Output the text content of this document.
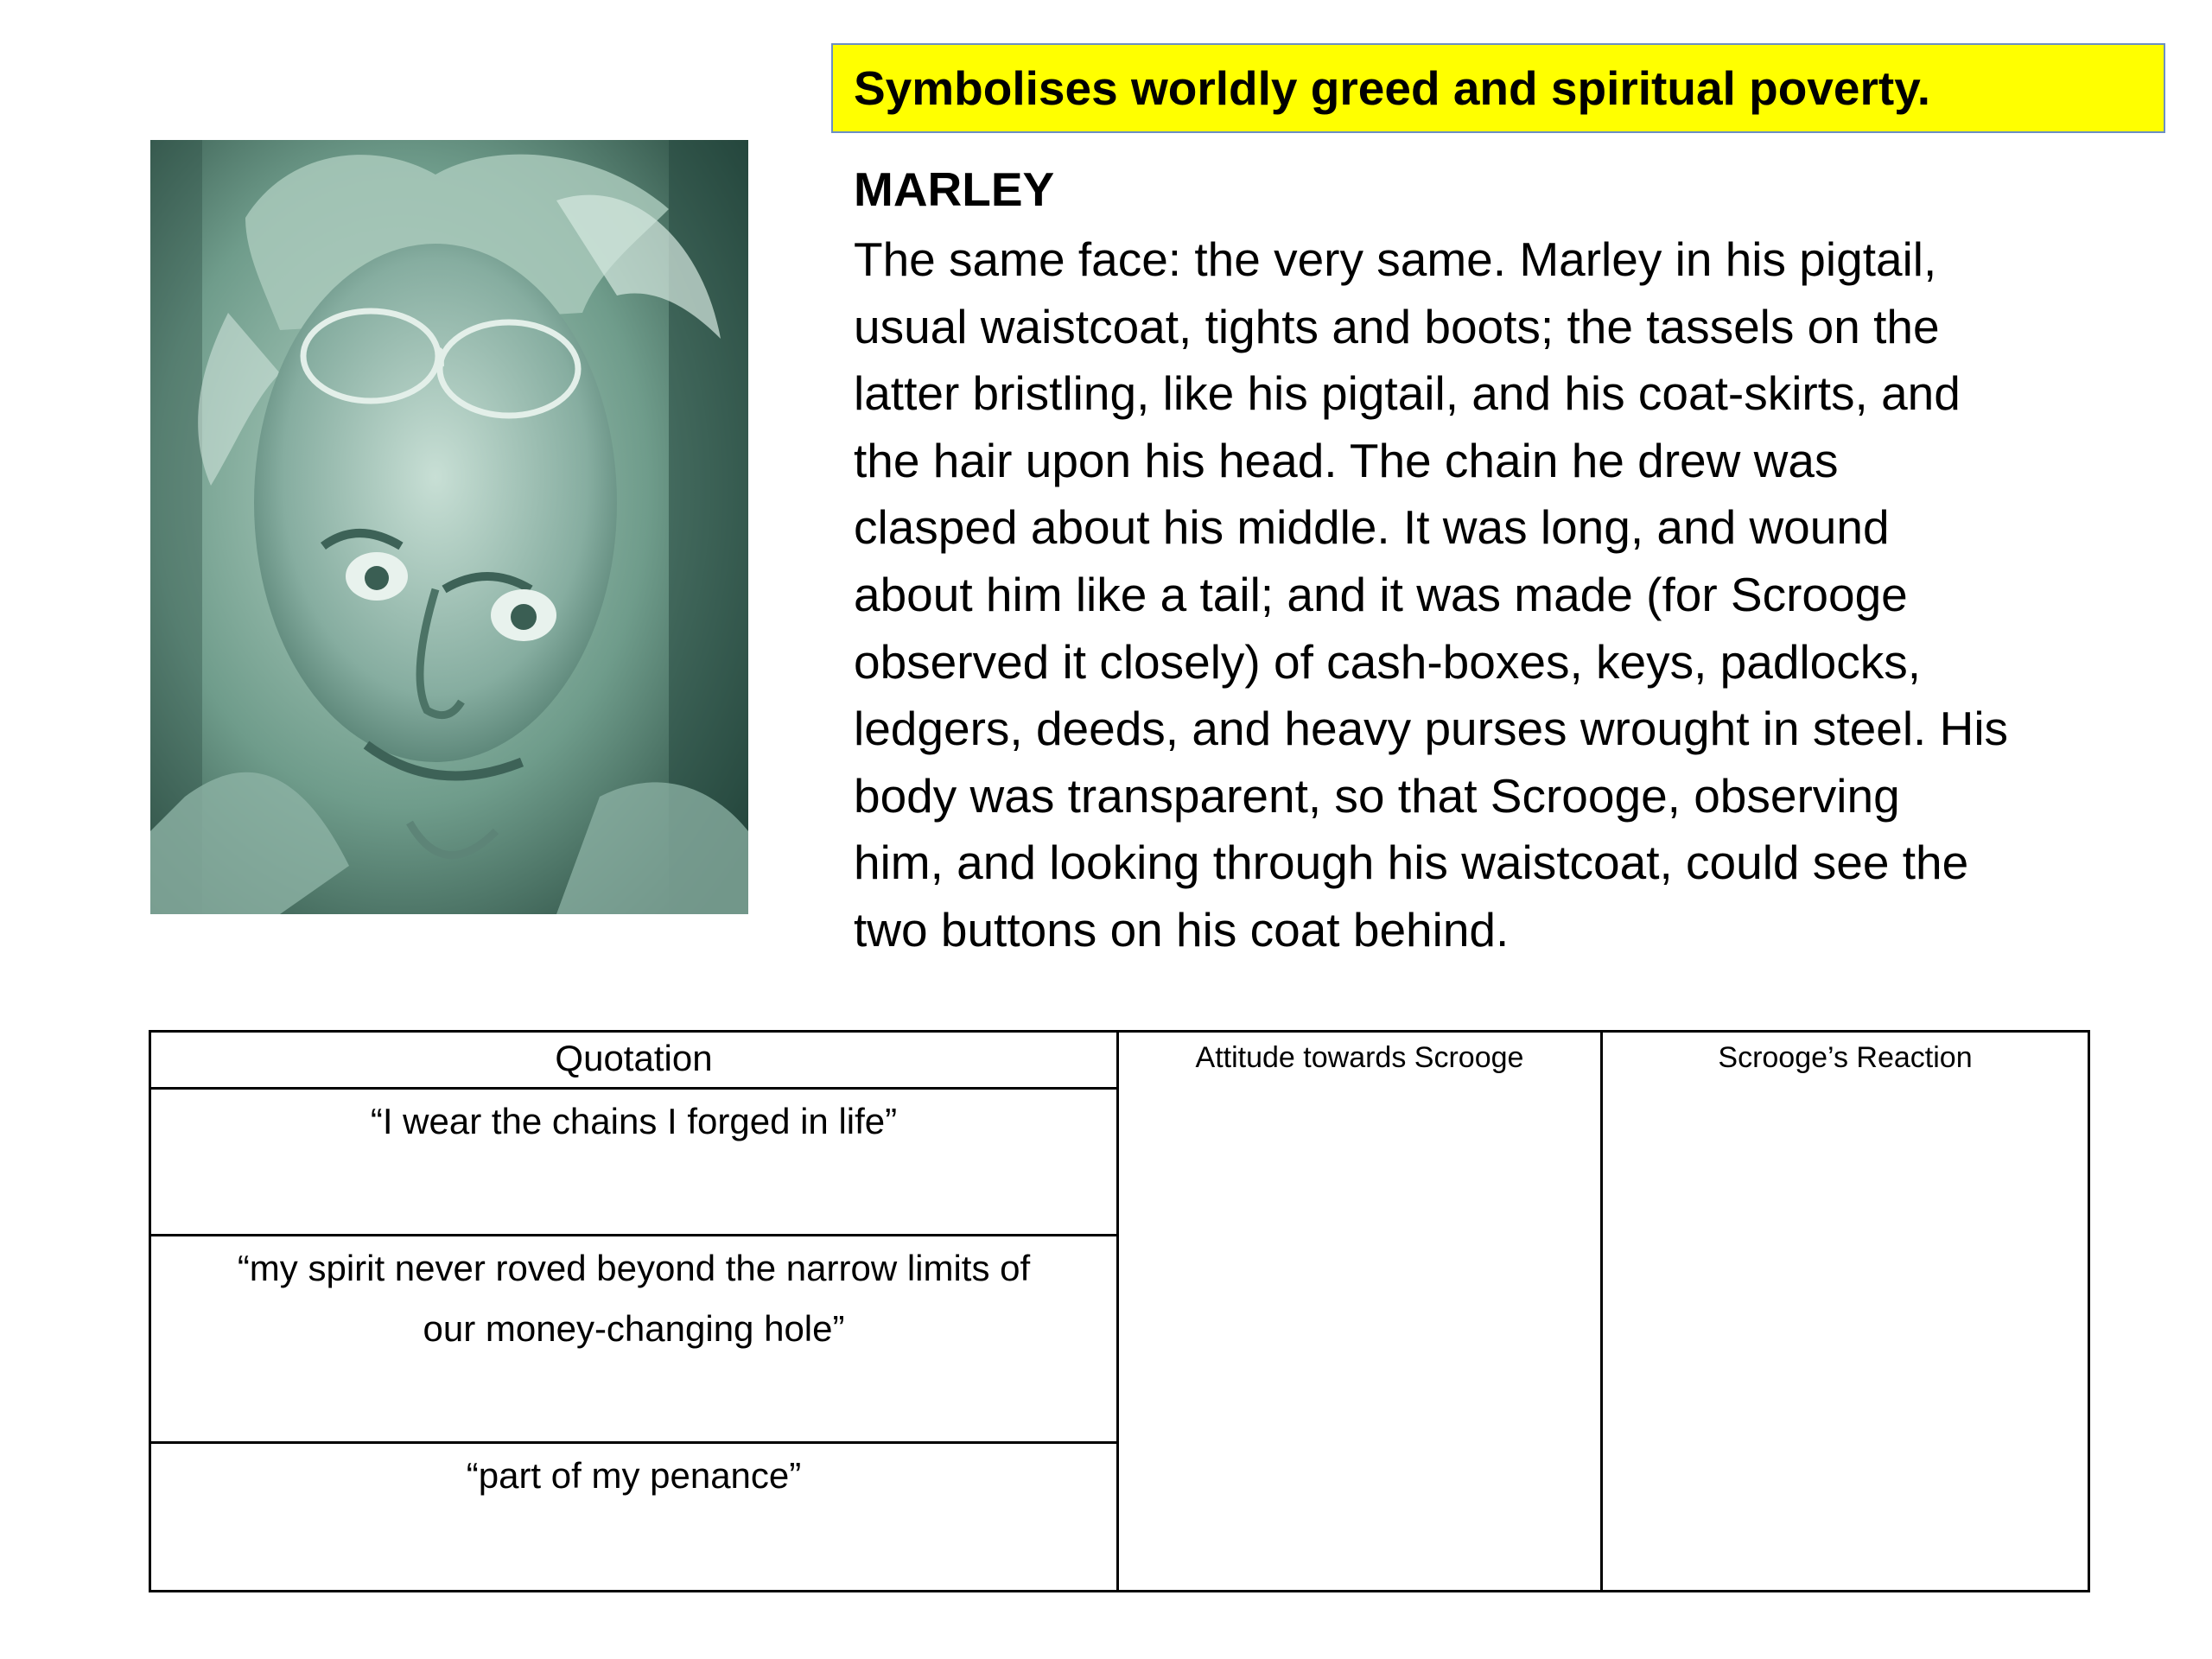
Symbolises worldly greed and spiritual poverty.
MARLEY

The same face: the very same. Marley in his pigtail,
usual waistcoat, tights and boots; the tassels on the
latter bristling, like his pigtail, and his coat-skirts, and
the hair upon his head. The chain he drew was
clasped about his middle. It was long, and wound
about him like a tail; and it was made (for Scrooge
observed it closely) of cash-boxes, keys, padlocks,
ledgers, deeds, and heavy purses wrought in steel. His
body was transparent, so that Scrooge, observing
him, and looking through his waistcoat, could see the
two buttons on his coat behind.

Quotation	Attitude towards Scrooge	Scrooge’s Reaction

“I wear the chains I forged in life”

“my spirit never roved beyond the narrow limits of
our money-changing hole”

“part of my penance”
